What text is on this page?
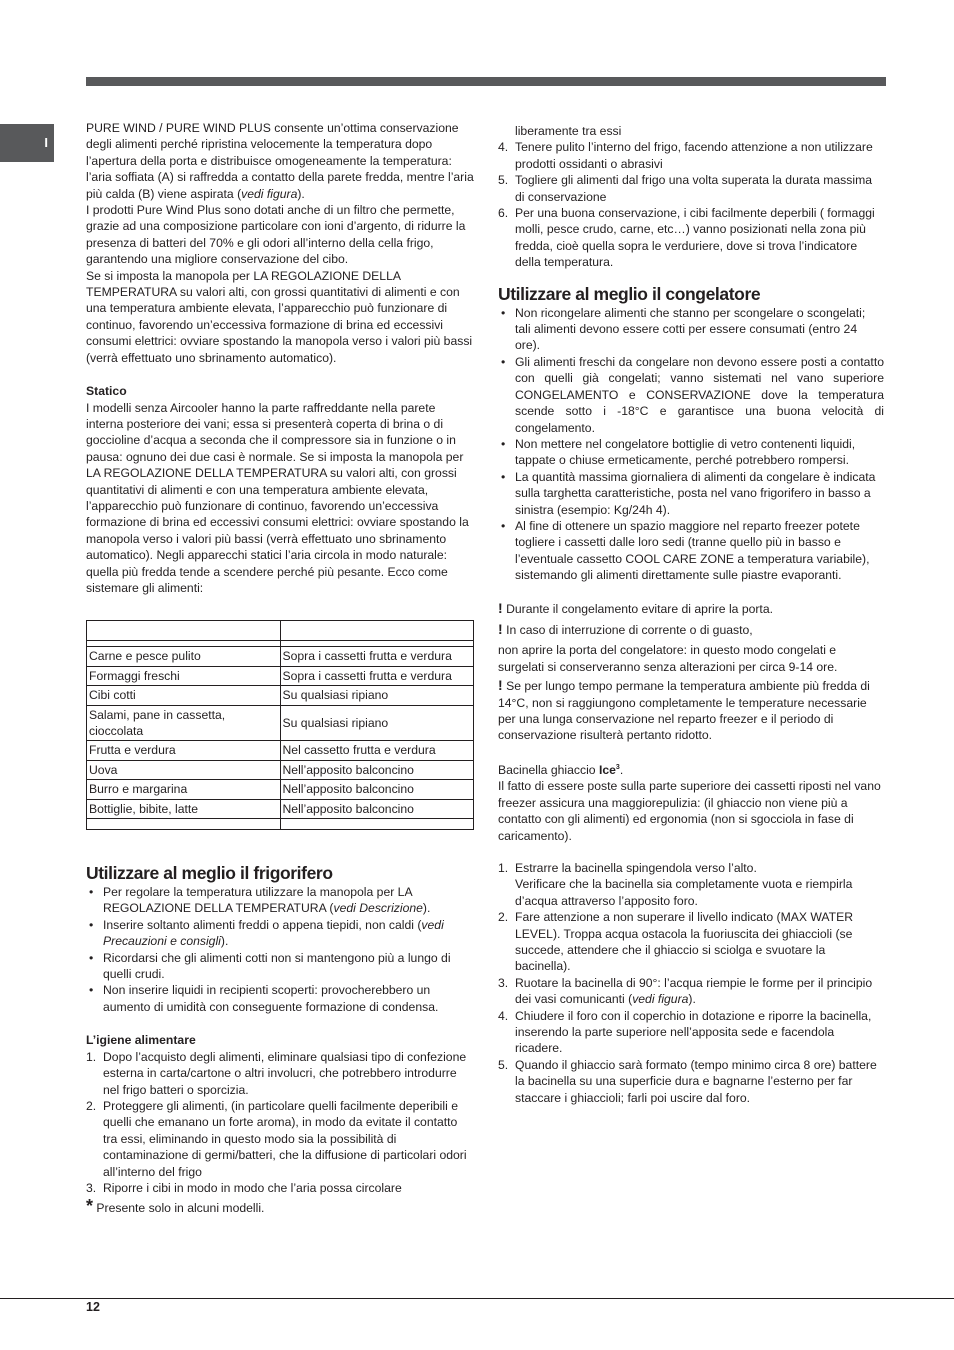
I

PURE WIND / PURE WIND PLUS consente un’ottima conservazione degli alimenti perché ripristina velocemente la temperatura dopo l’apertura della porta e distribuisce omogeneamente la temperatura: l’aria soffiata (A) si raffredda a contatto della parete fredda, mentre l’aria più calda (B) viene aspirata (vedi figura).

I prodotti Pure Wind Plus sono dotati anche di un filtro che permette, grazie ad una composizione particolare con ioni d’argento, di ridurre la presenza di batteri del 70% e gli odori all’interno della cella frigo, garantendo una migliore conservazione del cibo.

Se si imposta la manopola per LA REGOLAZIONE DELLA TEMPERATURA su valori alti, con grossi quantitativi di alimenti e con una temperatura ambiente elevata, l’apparecchio può funzionare di continuo, favorendo un’eccessiva formazione di brina ed eccessivi consumi elettrici: ovviare spostando la manopola verso i valori più bassi (verrà effettuato uno sbrinamento automatico).

Statico

I modelli senza Aircooler hanno la parte raffreddante nella parete interna posteriore dei vani; essa si presenterà coperta di brina o di goccioline d’acqua a seconda che il compressore sia in funzione o in pausa: ognuno dei due casi è normale. Se si imposta la manopola per LA REGOLAZIONE DELLA TEMPERATURA su valori alti, con grossi quantitativi di alimenti e con una temperatura ambiente elevata, l’apparecchio può funzionare di continuo, favorendo un’eccessiva formazione di brina ed eccessivi consumi elettrici: ovviare spostando la manopola verso i valori più bassi (verrà effettuato uno sbrinamento automatico). Negli apparecchi statici l’aria circola in modo naturale: quella più fredda tende a scendere perché più pesante. Ecco come sistemare gli alimenti:

Carne e pesce pulito	Sopra i cassetti frutta e verdura
Formaggi freschi	Sopra i cassetti frutta e verdura
Cibi cotti	Su qualsiasi ripiano
Salami, pane in cassetta, cioccolata	Su qualsiasi ripiano
Frutta e verdura	Nel cassetto frutta e verdura
Uova	Nell’apposito balconcino
Burro e margarina	Nell’apposito balconcino
Bottiglie, bibite, latte	Nell’apposito balconcino

Utilizzare al meglio il frigorifero
• Per regolare la temperatura utilizzare la manopola per LA REGOLAZIONE DELLA TEMPERATURA (vedi Descrizione).
• Inserire soltanto alimenti freddi o appena tiepidi, non caldi (vedi Precauzioni e consigli).
• Ricordarsi che gli alimenti cotti non si mantengono più a lungo di quelli crudi.
• Non inserire liquidi in recipienti scoperti: provocherebbero un aumento di umidità con conseguente formazione di condensa.

L’igiene alimentare

1. Dopo l’acquisto degli alimenti, eliminare qualsiasi tipo di confezione esterna in carta/cartone o altri involucri, che potrebbero introdurre nel frigo batteri o sporcizia.
2. Proteggere gli alimenti, (in particolare quelli facilmente deperibili e quelli che emanano un forte aroma), in modo da evitate il contatto tra essi, eliminando in questo modo sia la possibilità di contaminazione di germi/batteri, che la diffusione di particolari odori all’interno del frigo
3. Riporre i cibi in modo in modo che l’aria possa circolare

* Presente solo in alcuni modelli.

liberamente tra essi

4. Tenere pulito l’interno del frigo, facendo attenzione a non utilizzare prodotti ossidanti o abrasivi
5. Togliere gli alimenti dal frigo una volta superata la durata massima di conservazione
6. Per una buona conservazione, i cibi facilmente deperbili ( formaggi molli, pesce crudo, carne, etc…) vanno posizionati nella zona più fredda, cioè quella sopra le verduriere, dove si trova l’indicatore della temperatura.
Utilizzare al meglio il congelatore
• Non ricongelare alimenti che stanno per scongelare o scongelati; tali alimenti devono essere cotti per essere consumati (entro 24 ore).
• Gli alimenti freschi da congelare non devono essere posti a contatto con quelli già congelati; vanno sistemati nel vano superiore CONGELAMENTO e CONSERVAZIONE dove la temperatura scende sotto i -18°C e garantisce una buona velocità di congelamento.
• Non mettere nel congelatore bottiglie di vetro contenenti liquidi, tappate o chiuse ermeticamente, perché potrebbero rompersi.
• La quantità massima giornaliera di alimenti da congelare è indicata sulla targhetta caratteristiche, posta nel vano frigorifero in basso a sinistra (esempio: Kg/24h 4).
• Al fine di ottenere un spazio maggiore nel reparto freezer potete togliere i cassetti dalle loro sedi (tranne quello più in basso e l’eventuale cassetto COOL CARE ZONE a temperatura variabile), sistemando gli alimenti direttamente sulle piastre evaporanti.

! Durante il congelamento evitare di aprire la porta.

! In caso di interruzione di corrente o di guasto,

non aprire la porta del congelatore: in questo modo congelati e surgelati si conserveranno senza alterazioni per circa 9-14 ore.

! Se per lungo tempo permane la temperatura ambiente più fredda di 14°C, non si raggiungono completamente le temperature necessarie per una lunga conservazione nel reparto freezer e il periodo di conservazione risulterà pertanto ridotto.

Bacinella ghiaccio Ice$^3$.

Il fatto di essere poste sulla parte superiore dei cassetti riposti nel vano freezer assicura una maggiorepulizia: (il ghiaccio non viene più a contatto con gli alimenti) ed ergonomia (non si sgocciola in fase di caricamento).

1. Estrarre la bacinella spingendola verso l’alto.
Verificare che la bacinella sia completamente vuota e riempirla d’acqua attraverso l’apposito foro.
2. Fare attenzione a non superare il livello indicato (MAX WATER LEVEL). Troppa acqua ostacola la fuoriuscita dei ghiaccioli (se succede, attendere che il ghiaccio si sciolga e svuotare la bacinella).
3. Ruotare la bacinella di 90°: l’acqua riempie le forme per il principio dei vasi comunicanti (vedi figura).
4. Chiudere il foro con il coperchio in dotazione e riporre la bacinella, inserendo la parte superiore nell’apposita sede e facendola ricadere.
5. Quando il ghiaccio sarà formato (tempo minimo circa 8 ore) battere la bacinella su una superficie dura e bagnarne l’esterno per far staccare i ghiaccioli; farli poi uscire dal foro.
12
